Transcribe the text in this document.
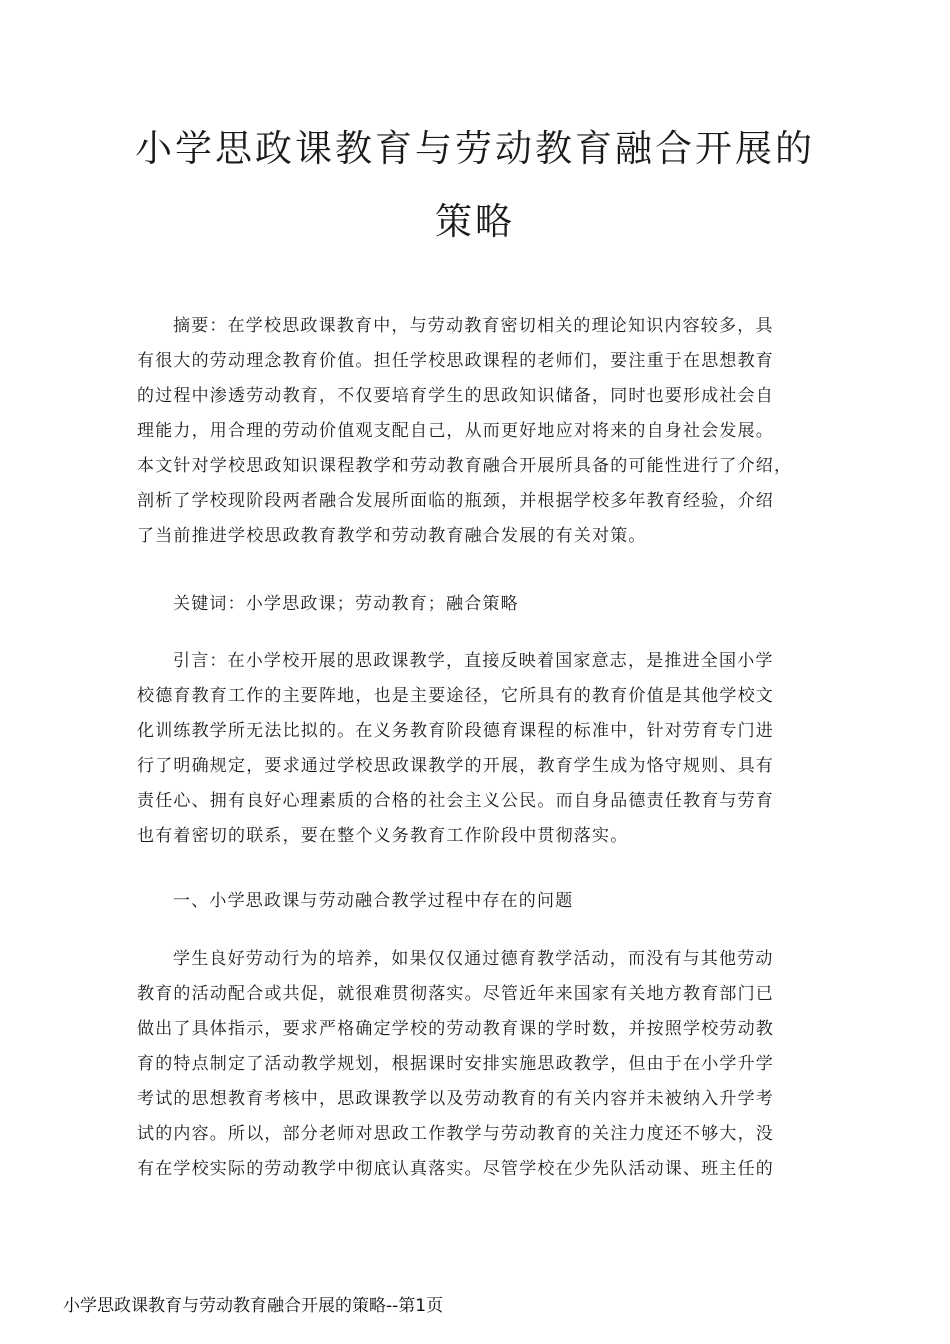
小学思政课教育与劳动教育融合开展的
策略
摘要：在学校思政课教育中，与劳动教育密切相关的理论知识内容较多，具
有很大的劳动理念教育价值。担任学校思政课程的老师们，要注重于在思想教育
的过程中渗透劳动教育，不仅要培育学生的思政知识储备，同时也要形成社会自
理能力，用合理的劳动价值观支配自己，从而更好地应对将来的自身社会发展。
本文针对学校思政知识课程教学和劳动教育融合开展所具备的可能性进行了介绍，
剖析了学校现阶段两者融合发展所面临的瓶颈，并根据学校多年教育经验，介绍
了当前推进学校思政教育教学和劳动教育融合发展的有关对策。
关键词：小学思政课；劳动教育；融合策略
引言：在小学校开展的思政课教学，直接反映着国家意志，是推进全国小学
校德育教育工作的主要阵地，也是主要途径，它所具有的教育价值是其他学校文
化训练教学所无法比拟的。在义务教育阶段德育课程的标准中，针对劳育专门进
行了明确规定，要求通过学校思政课教学的开展，教育学生成为恪守规则、具有
责任心、拥有良好心理素质的合格的社会主义公民。而自身品德责任教育与劳育
也有着密切的联系，要在整个义务教育工作阶段中贯彻落实。
一、小学思政课与劳动融合教学过程中存在的问题
学生良好劳动行为的培养，如果仅仅通过德育教学活动，而没有与其他劳动
教育的活动配合或共促，就很难贯彻落实。尽管近年来国家有关地方教育部门已
做出了具体指示，要求严格确定学校的劳动教育课的学时数，并按照学校劳动教
育的特点制定了活动教学规划，根据课时安排实施思政教学，但由于在小学升学
考试的思想教育考核中，思政课教学以及劳动教育的有关内容并未被纳入升学考
试的内容。所以，部分老师对思政工作教学与劳动教育的关注力度还不够大，没
有在学校实际的劳动教学中彻底认真落实。尽管学校在少先队活动课、班主任的
小学思政课教育与劳动教育融合开展的策略--第1页
